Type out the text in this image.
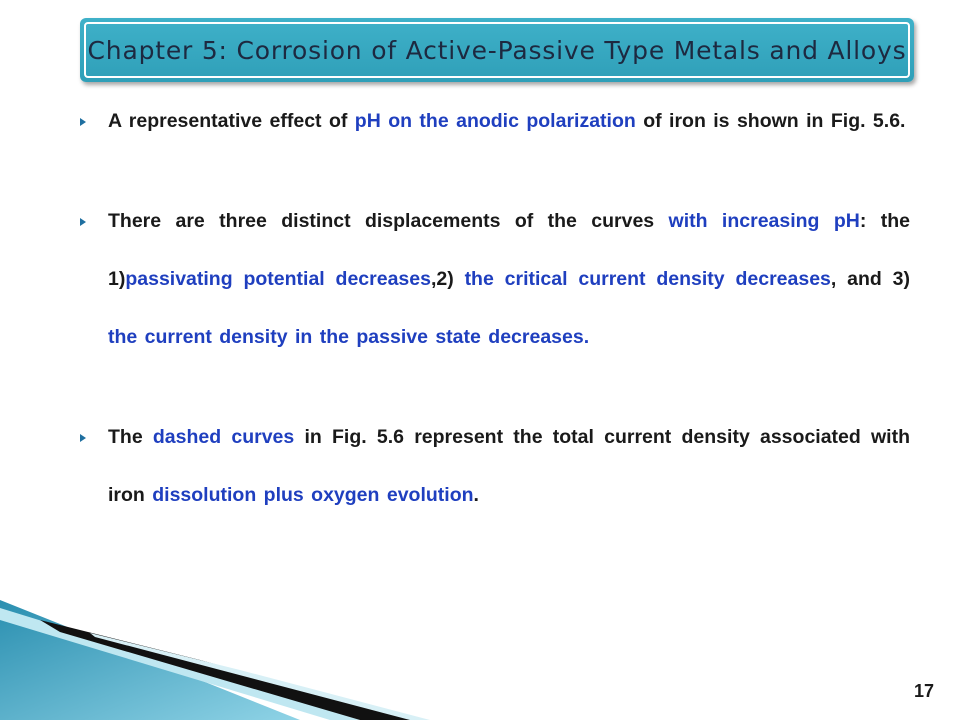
Chapter 5: Corrosion of Active-Passive Type Metals and Alloys

A representative effect of pH on the anodic polarization of iron is shown in Fig. 5.6.

There are three distinct displacements of the curves with increasing pH: the 1)passivating potential decreases,2) the critical current density decreases, and 3) the current density in the passive state decreases.

The dashed curves in Fig. 5.6 represent the total current density associated with iron dissolution plus oxygen evolution.

17
